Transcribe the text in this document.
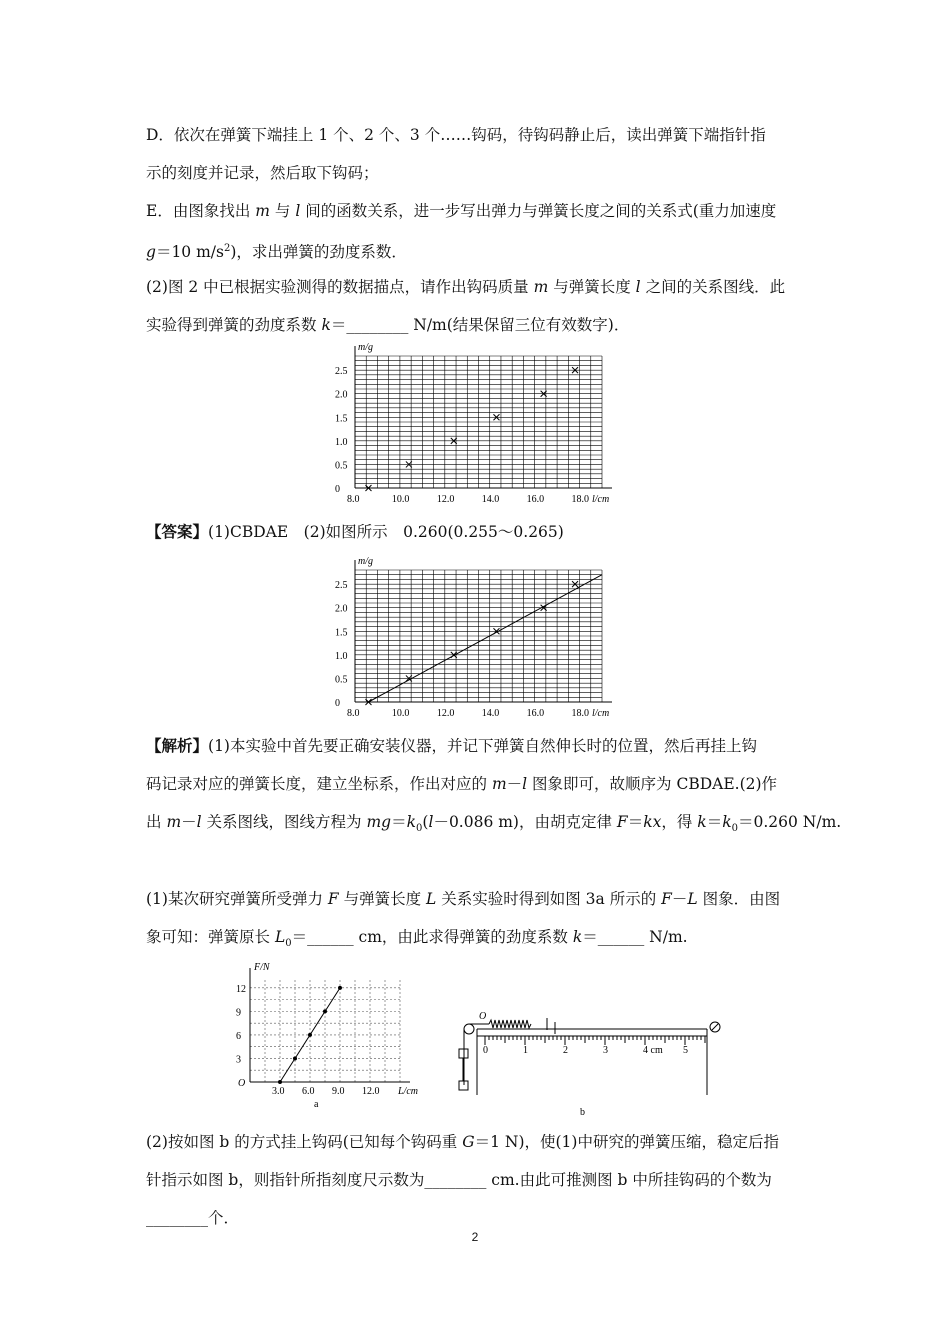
D．依次在弹簧下端挂上 1 个、2 个、3 个……钩码，待钩码静止后，读出弹簧下端指针指
示的刻度并记录，然后取下钩码；
E．由图象找出 m 与 l 间的函数关系，进一步写出弹力与弹簧长度之间的关系式(重力加速度
g＝10 $m/s^2$)，求出弹簧的劲度系数．
(2)图 2 中已根据实验测得的数据描点，请作出钩码质量 m 与弹簧长度 l 之间的关系图线．此
实验得到弹簧的劲度系数 k＝________ N/m(结果保留三位有效数字)．
m/g
l/cm
8.0	10.0	12.0	14.0	16.0	18.0
0
0.5
1.0
1.5
2.0
2.5
【答案】(1)CBDAE　(2)如图所示　0.260(0.255～0.265)
m/g
l/cm
8.0	10.0	12.0	14.0	16.0	18.0
0
0.5
1.0
1.5
2.0
2.5
【解析】(1)本实验中首先要正确安装仪器，并记下弹簧自然伸长时的位置，然后再挂上钩
码记录对应的弹簧长度，建立坐标系，作出对应的 m－l 图象即可，故顺序为 CBDAE.(2)作
出 m－l 关系图线，图线方程为 $mg=k_0(l-0.086$ m)，由胡克定律 F＝kx，得 $k=k_0=0.260$ N/m.
(1)某次研究弹簧所受弹力 F 与弹簧长度 L 关系实验时得到如图 3a 所示的 F－L 图象．由图
象可知：弹簧原长 $L_0=\_\_\_\_\_\_$ cm，由此求得弹簧的劲度系数 k＝______ N/m.
F/N
L/cm
O
3.0 6.0 9.0 12.0
3
6
9
12
a
O
0	1	2	3	4 cm 5
b
(2)按如图 b 的方式挂上钩码(已知每个钩码重 G＝1 N)，使(1)中研究的弹簧压缩，稳定后指
针指示如图 b，则指针所指刻度尺示数为________ cm.由此可推测图 b 中所挂钩码的个数为
________个．
2
